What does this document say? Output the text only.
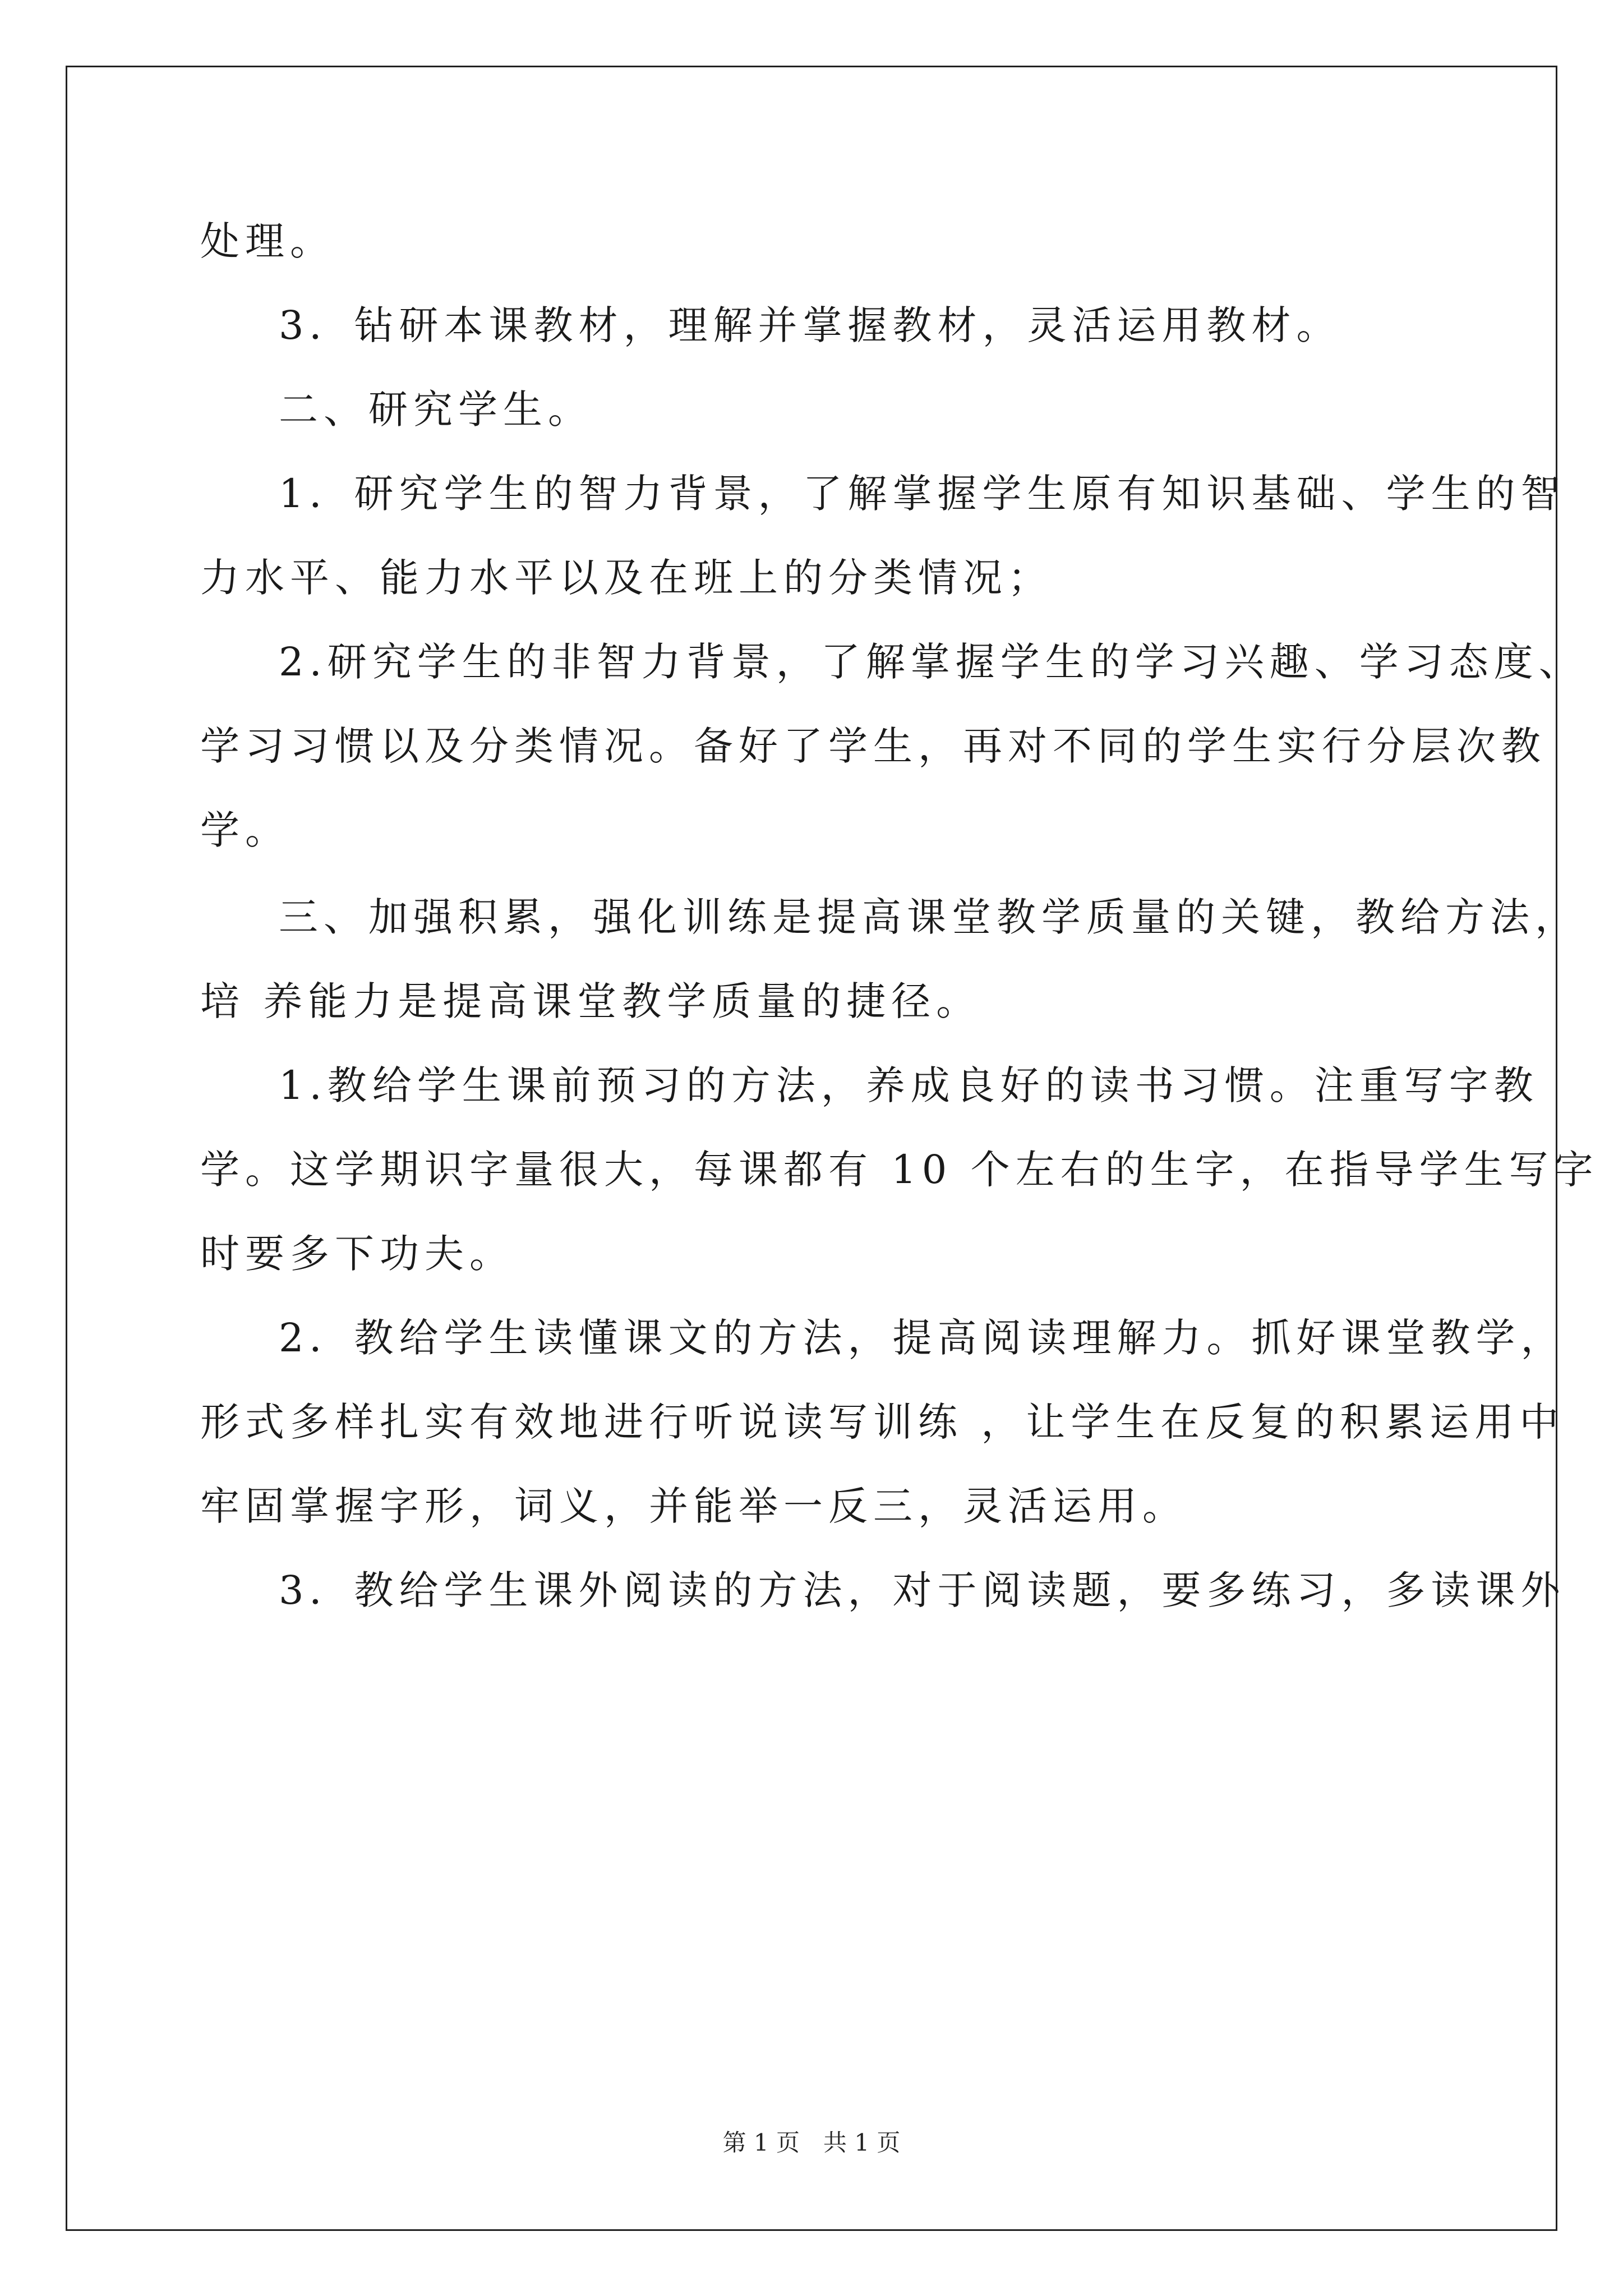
处理。
3．钻研本课教材，理解并掌握教材，灵活运用教材。
二、研究学生。
1．研究学生的智力背景，了解掌握学生原有知识基础、学生的智
力水平、能力水平以及在班上的分类情况；
2.研究学生的非智力背景，了解掌握学生的学习兴趣、学习态度、
学习习惯以及分类情况。备好了学生，再对不同的学生实行分层次教
学。
三、加强积累，强化训练是提高课堂教学质量的关键，教给方法，
培 养能力是提高课堂教学质量的捷径。
1.教给学生课前预习的方法，养成良好的读书习惯。注重写字教
学。这学期识字量很大，每课都有 10 个左右的生字，在指导学生写字
时要多下功夫。
2．教给学生读懂课文的方法，提高阅读理解力。抓好课堂教学，
形式多样扎实有效地进行听说读写训练 ，让学生在反复的积累运用中
牢固掌握字形，词义，并能举一反三，灵活运用。
3．教给学生课外阅读的方法，对于阅读题，要多练习，多读课外
第 1 页　共 1 页
